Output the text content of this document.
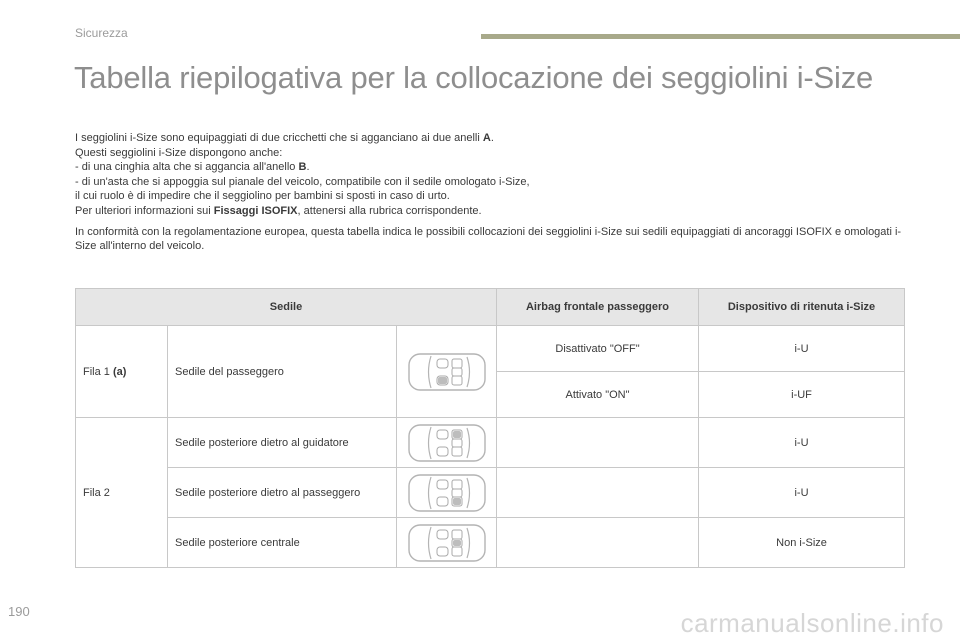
Sicurezza
Tabella riepilogativa per la collocazione dei seggiolini i-Size

I seggiolini i-Size sono equipaggiati di due cricchetti che si agganciano ai due anelli A.

Questi seggiolini i-Size dispongono anche:

- di una cinghia alta che si aggancia all'anello B.

- di un'asta che si appoggia sul pianale del veicolo, compatibile con il sedile omologato i-Size,

il cui ruolo è di impedire che il seggiolino per bambini si sposti in caso di urto.

Per ulteriori informazioni sui Fissaggi ISOFIX, attenersi alla rubrica corrispondente.

In conformità con la regolamentazione europea, questa tabella indica le possibili collocazioni dei seggiolini i-Size sui sedili equipaggiati di ancoraggi ISOFIX e omologati i-Size all'interno del veicolo.

Sedile			Airbag frontale passeggero	Dispositivo di ritenuta i-Size
Fila 1 (a)	Sedile del passeggero		Disattivato "OFF"	i-U
			Attivato "ON"	i-UF
Fila 2	Sedile posteriore dietro al guidatore			i-U
	Sedile posteriore dietro al passeggero			i-U
	Sedile posteriore centrale			Non i-Size
190	carmanualsonline.info
